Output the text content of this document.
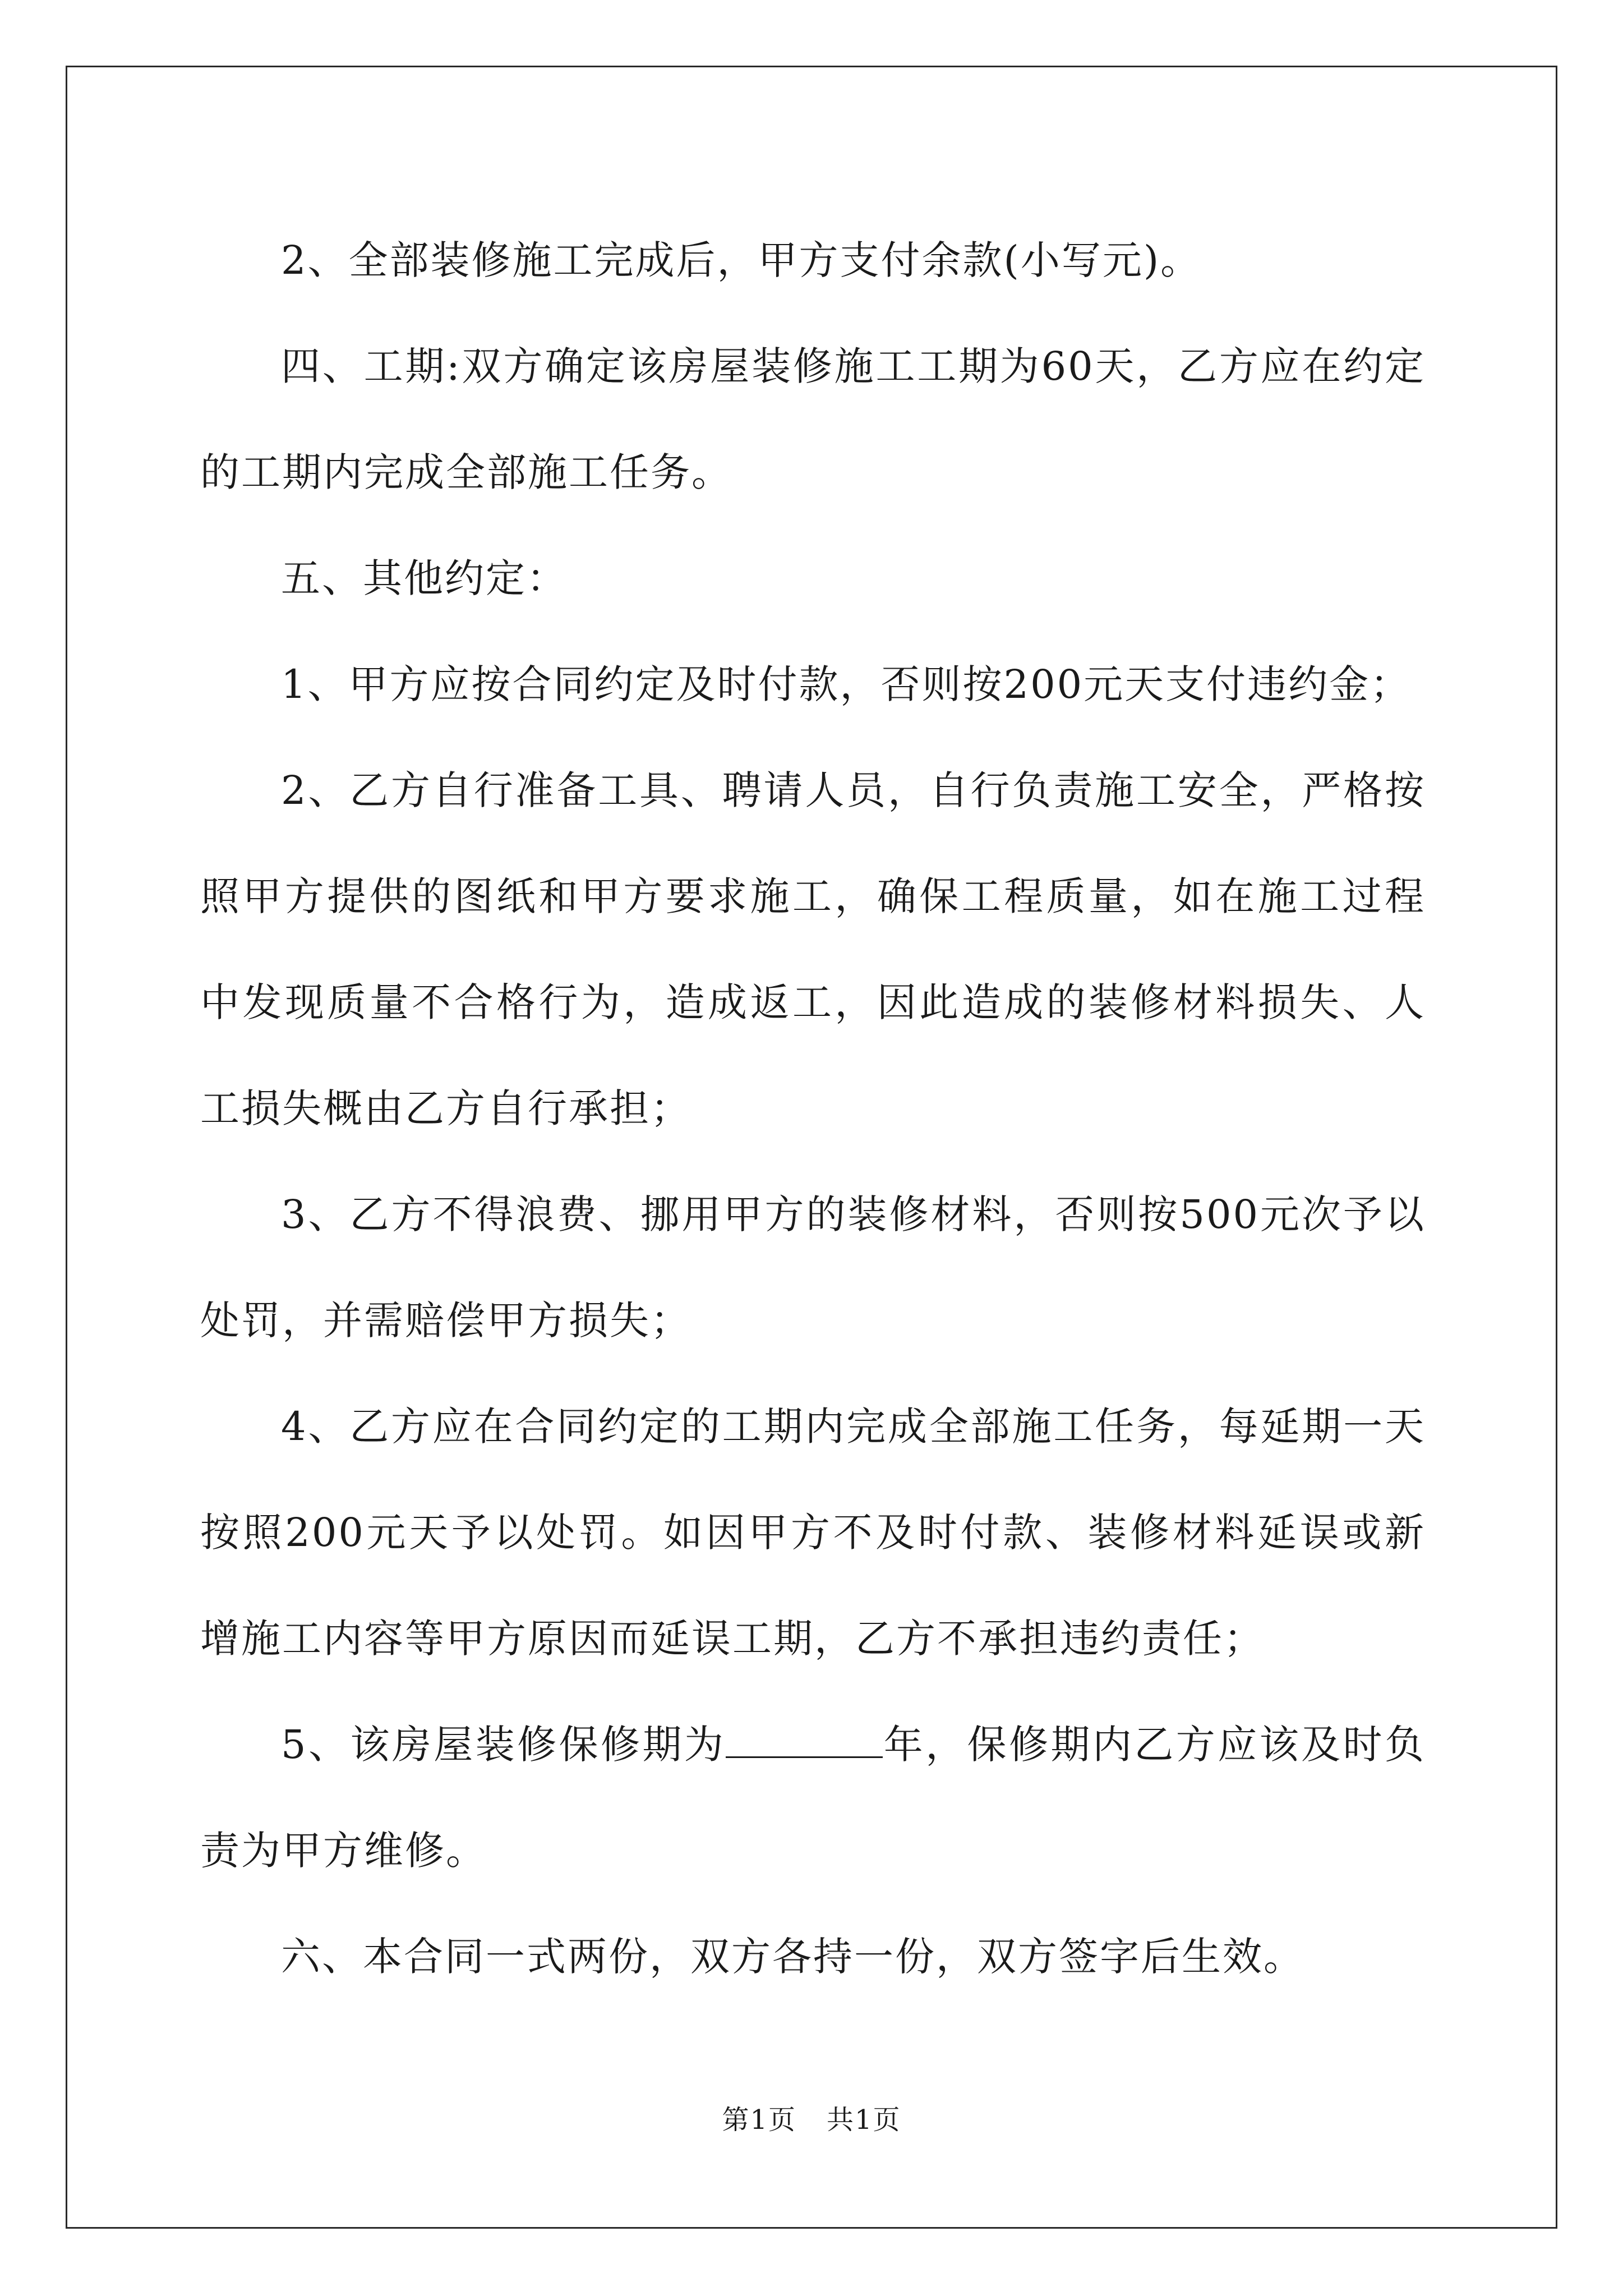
2、全部装修施工完成后，甲方支付余款(小写元)。

四、工期:双方确定该房屋装修施工工期为60天，乙方应在约定的工期内完成全部施工任务。

五、其他约定：

1、甲方应按合同约定及时付款，否则按200元天支付违约金；

2、乙方自行准备工具、聘请人员，自行负责施工安全，严格按照甲方提供的图纸和甲方要求施工，确保工程质量，如在施工过程中发现质量不合格行为，造成返工，因此造成的装修材料损失、人工损失概由乙方自行承担；

3、乙方不得浪费、挪用甲方的装修材料，否则按500元次予以处罚，并需赔偿甲方损失；

4、乙方应在合同约定的工期内完成全部施工任务，每延期一天按照200元天予以处罚。如因甲方不及时付款、装修材料延误或新增施工内容等甲方原因而延误工期，乙方不承担违约责任；

5、该房屋装修保修期为	年，保修期内乙方应该及时负责为甲方维修。

六、本合同一式两份，双方各持一份，双方签字后生效。

第1页 共1页
